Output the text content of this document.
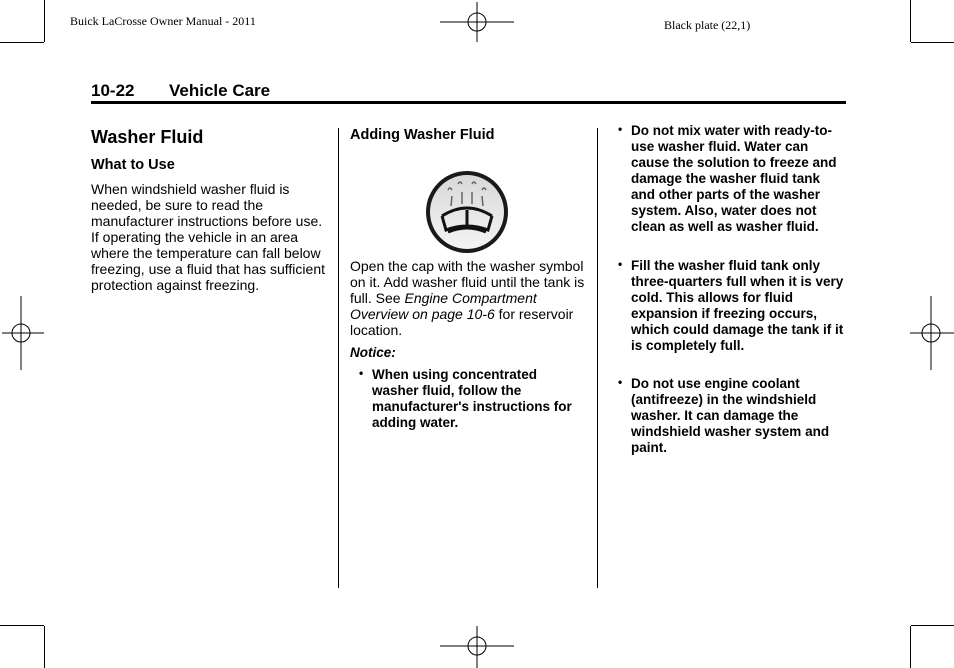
Buick LaCrosse Owner Manual - 2011	Black plate (22,1)
10-22 Vehicle Care
Washer Fluid
What to Use
When windshield washer fluid is needed, be sure to read the manufacturer instructions before use. If operating the vehicle in an area where the temperature can fall below freezing, use a fluid that has sufficient protection against freezing.
Adding Washer Fluid
Open the cap with the washer symbol on it. Add washer fluid until the tank is full. See Engine Compartment Overview on page 10-6 for reservoir location.
Notice:
• When using concentrated washer fluid, follow the manufacturer's instructions for adding water.
• Do not mix water with ready-to-use washer fluid. Water can cause the solution to freeze and damage the washer fluid tank and other parts of the washer system. Also, water does not clean as well as washer fluid.
• Fill the washer fluid tank only three-quarters full when it is very cold. This allows for fluid expansion if freezing occurs, which could damage the tank if it is completely full.
• Do not use engine coolant (antifreeze) in the windshield washer. It can damage the windshield washer system and paint.
